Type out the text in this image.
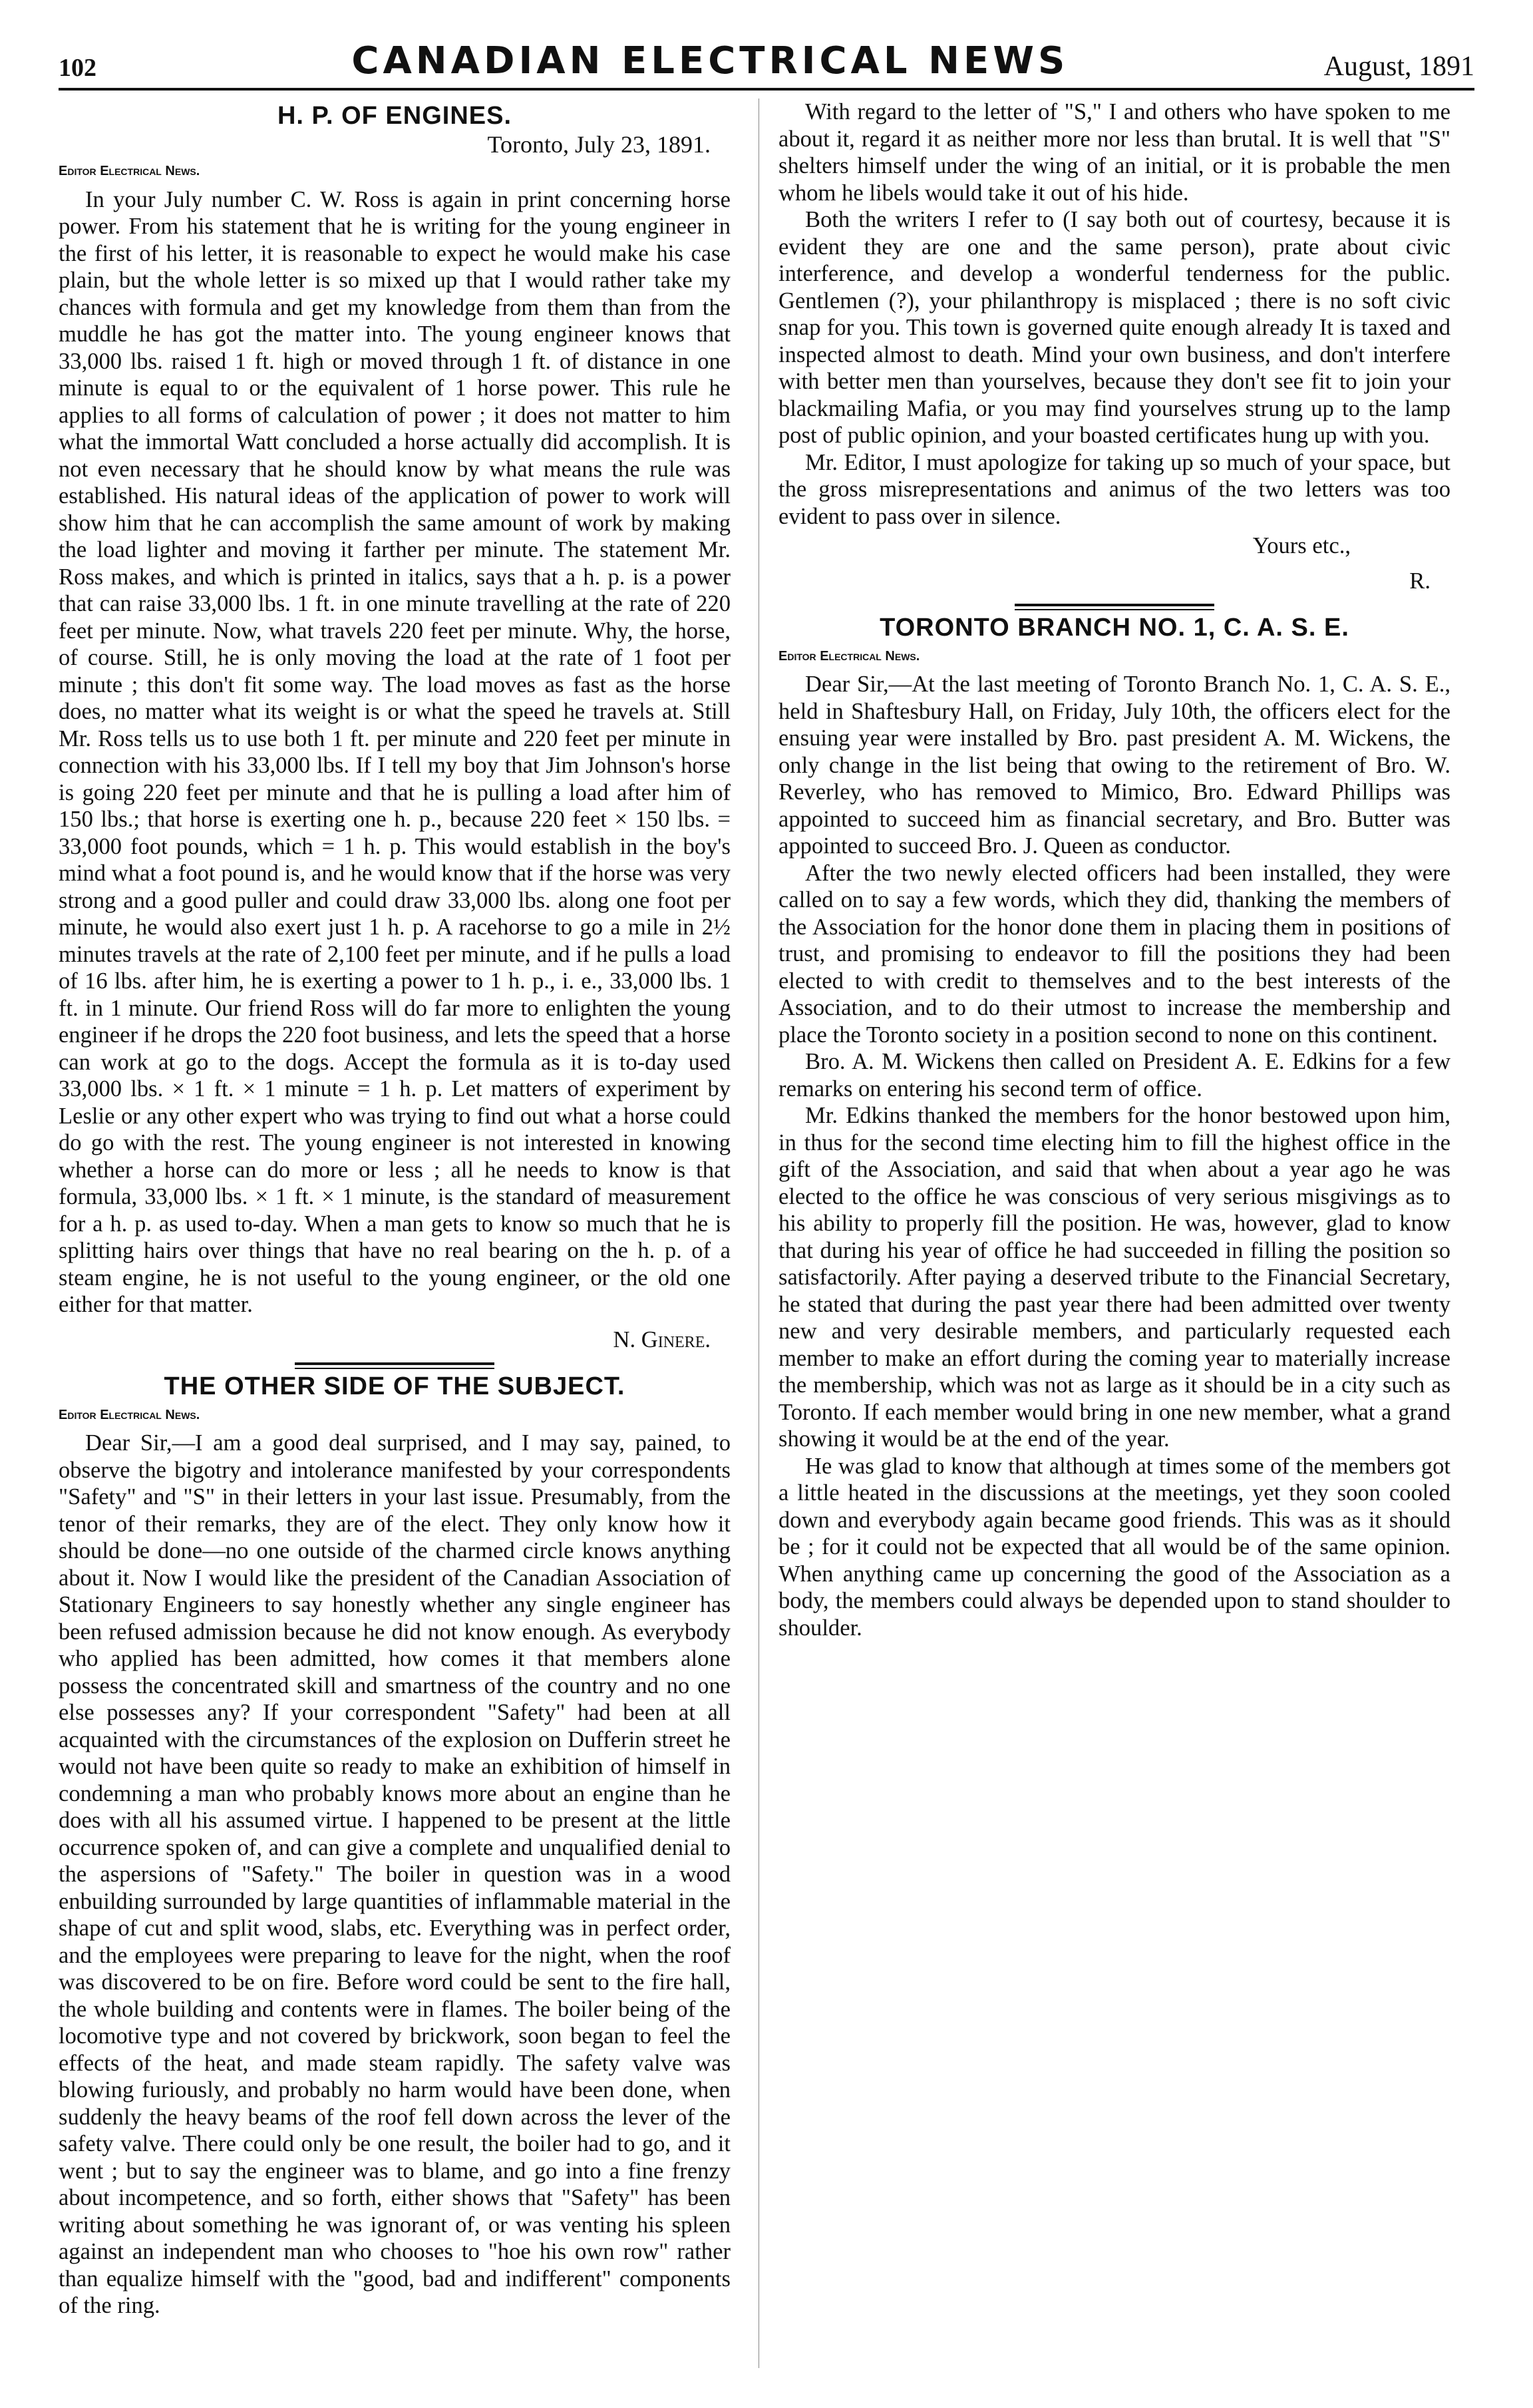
102	CANADIAN ELECTRICAL NEWS	August, 1891
H. P. OF ENGINES.
Toronto, July 23, 1891.
Editor Electrical News.

In your July number C. W. Ross is again in print concerning horse power. From his statement that he is writing for the young engineer in the first of his letter, it is reasonable to expect he would make his case plain, but the whole letter is so mixed up that I would rather take my chances with formula and get my knowledge from them than from the muddle he has got the matter into. The young engineer knows that 33,000 lbs. raised 1 ft. high or moved through 1 ft. of distance in one minute is equal to or the equivalent of 1 horse power. This rule he applies to all forms of calculation of power ; it does not matter to him what the immortal Watt concluded a horse actually did accomplish. It is not even necessary that he should know by what means the rule was established. His natural ideas of the application of power to work will show him that he can accomplish the same amount of work by making the load lighter and moving it farther per minute. The statement Mr. Ross makes, and which is printed in italics, says that a h. p. is a power that can raise 33,000 lbs. 1 ft. in one minute travelling at the rate of 220 feet per minute. Now, what travels 220 feet per minute. Why, the horse, of course. Still, he is only moving the load at the rate of 1 foot per minute ; this don't fit some way. The load moves as fast as the horse does, no matter what its weight is or what the speed he travels at. Still Mr. Ross tells us to use both 1 ft. per minute and 220 feet per minute in connection with his 33,000 lbs. If I tell my boy that Jim Johnson's horse is going 220 feet per minute and that he is pulling a load after him of 150 lbs.; that horse is exerting one h. p., because 220 feet × 150 lbs. = 33,000 foot pounds, which = 1 h. p. This would establish in the boy's mind what a foot pound is, and he would know that if the horse was very strong and a good puller and could draw 33,000 lbs. along one foot per minute, he would also exert just 1 h. p. A racehorse to go a mile in 2½ minutes travels at the rate of 2,100 feet per minute, and if he pulls a load of 16 lbs. after him, he is exerting a power to 1 h. p., i. e., 33,000 lbs. 1 ft. in 1 minute. Our friend Ross will do far more to enlighten the young engineer if he drops the 220 foot business, and lets the speed that a horse can work at go to the dogs. Accept the formula as it is to-day used 33,000 lbs. × 1 ft. × 1 minute = 1 h. p. Let matters of experiment by Leslie or any other expert who was trying to find out what a horse could do go with the rest. The young engineer is not interested in knowing whether a horse can do more or less ; all he needs to know is that formula, 33,000 lbs. × 1 ft. × 1 minute, is the standard of measurement for a h. p. as used to-day. When a man gets to know so much that he is splitting hairs over things that have no real bearing on the h. p. of a steam engine, he is not useful to the young engineer, or the old one either for that matter.

N. Ginere.

THE OTHER SIDE OF THE SUBJECT.
Editor Electrical News.

Dear Sir,—I am a good deal surprised, and I may say, pained, to observe the bigotry and intolerance manifested by your correspondents "Safety" and "S" in their letters in your last issue. Presumably, from the tenor of their remarks, they are of the elect. They only know how it should be done—no one outside of the charmed circle knows anything about it. Now I would like the president of the Canadian Association of Stationary Engineers to say honestly whether any single engineer has been refused admission because he did not know enough. As everybody who applied has been admitted, how comes it that members alone possess the concentrated skill and smartness of the country and no one else possesses any? If your correspondent "Safety" had been at all acquainted with the circumstances of the explosion on Dufferin street he would not have been quite so ready to make an exhibition of himself in condemning a man who probably knows more about an engine than he does with all his assumed virtue. I happened to be present at the little occurrence spoken of, and can give a complete and unqualified denial to the aspersions of "Safety." The boiler in question was in a wood enbuilding surrounded by large quantities of inflammable material in the shape of cut and split wood, slabs, etc. Everything was in perfect order, and the employees were preparing to leave for the night, when the roof was discovered to be on fire. Before word could be sent to the fire hall, the whole building and contents were in flames. The boiler being of the locomotive type and not covered by brickwork, soon began to feel the effects of the heat, and made steam rapidly. The safety valve was blowing furiously, and probably no harm would have been done, when suddenly the heavy beams of the roof fell down across the lever of the safety valve. There could only be one result, the boiler had to go, and it went ; but to say the engineer was to blame, and go into a fine frenzy about incompetence, and so forth, either shows that "Safety" has been writing about something he was ignorant of, or was venting his spleen against an independent man who chooses to "hoe his own row" rather than equalize himself with the "good, bad and indifferent" components of the ring.

With regard to the letter of "S," I and others who have spoken to me about it, regard it as neither more nor less than brutal. It is well that "S" shelters himself under the wing of an initial, or it is probable the men whom he libels would take it out of his hide.

Both the writers I refer to (I say both out of courtesy, because it is evident they are one and the same person), prate about civic interference, and develop a wonderful tenderness for the public. Gentlemen (?), your philanthropy is misplaced ; there is no soft civic snap for you. This town is governed quite enough already It is taxed and inspected almost to death. Mind your own business, and don't interfere with better men than yourselves, because they don't see fit to join your blackmailing Mafia, or you may find yourselves strung up to the lamp post of public opinion, and your boasted certificates hung up with you.

Mr. Editor, I must apologize for taking up so much of your space, but the gross misrepresentations and animus of the two letters was too evident to pass over in silence.

Yours etc.,

R.

TORONTO BRANCH NO. 1, C. A. S. E.
Editor Electrical News.

Dear Sir,—At the last meeting of Toronto Branch No. 1, C. A. S. E., held in Shaftesbury Hall, on Friday, July 10th, the officers elect for the ensuing year were installed by Bro. past president A. M. Wickens, the only change in the list being that owing to the retirement of Bro. W. Reverley, who has removed to Mimico, Bro. Edward Phillips was appointed to succeed him as financial secretary, and Bro. Butter was appointed to succeed Bro. J. Queen as conductor.

After the two newly elected officers had been installed, they were called on to say a few words, which they did, thanking the members of the Association for the honor done them in placing them in positions of trust, and promising to endeavor to fill the positions they had been elected to with credit to themselves and to the best interests of the Association, and to do their utmost to increase the membership and place the Toronto society in a position second to none on this continent.

Bro. A. M. Wickens then called on President A. E. Edkins for a few remarks on entering his second term of office.

Mr. Edkins thanked the members for the honor bestowed upon him, in thus for the second time electing him to fill the highest office in the gift of the Association, and said that when about a year ago he was elected to the office he was conscious of very serious misgivings as to his ability to properly fill the position. He was, however, glad to know that during his year of office he had succeeded in filling the position so satisfactorily. After paying a deserved tribute to the Financial Secretary, he stated that during the past year there had been admitted over twenty new and very desirable members, and particularly requested each member to make an effort during the coming year to materially increase the membership, which was not as large as it should be in a city such as Toronto. If each member would bring in one new member, what a grand showing it would be at the end of the year.

He was glad to know that although at times some of the members got a little heated in the discussions at the meetings, yet they soon cooled down and everybody again became good friends. This was as it should be ; for it could not be expected that all would be of the same opinion. When anything came up concerning the good of the Association as a body, the members could always be depended upon to stand shoulder to shoulder.
